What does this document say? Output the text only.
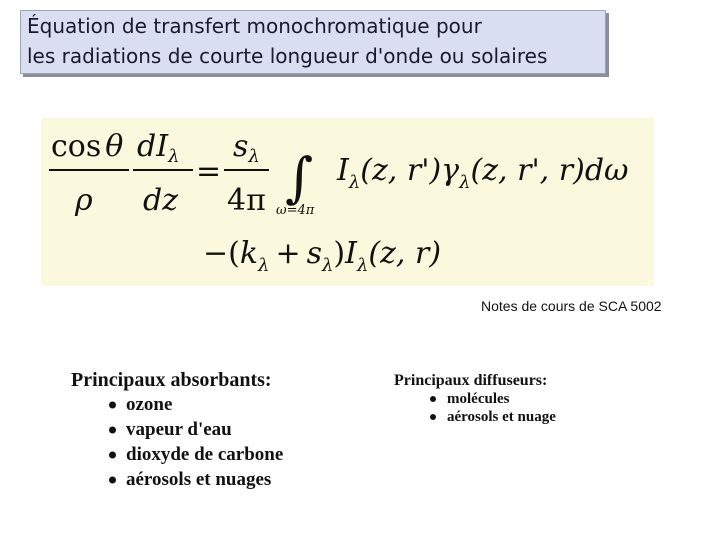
Équation de transfert monochromatique pour
les radiations de courte longueur d'onde ou solaires
cos θ
ρ
$dI_\lambda$
dz
=
$s_\lambda$
4π ∫
ω=4π
$I_\lambda(z$, $r')\gamma_\lambda(z$, r', r)dω
$-(k_\lambda + s_\lambda)I_\lambda(z$, r)
Notes de cours de SCA 5002
Principaux absorbants:
ozone
vapeur d'eau
dioxyde de carbone
aérosols et nuages
Principaux diffuseurs:
molécules
aérosols et nuage
